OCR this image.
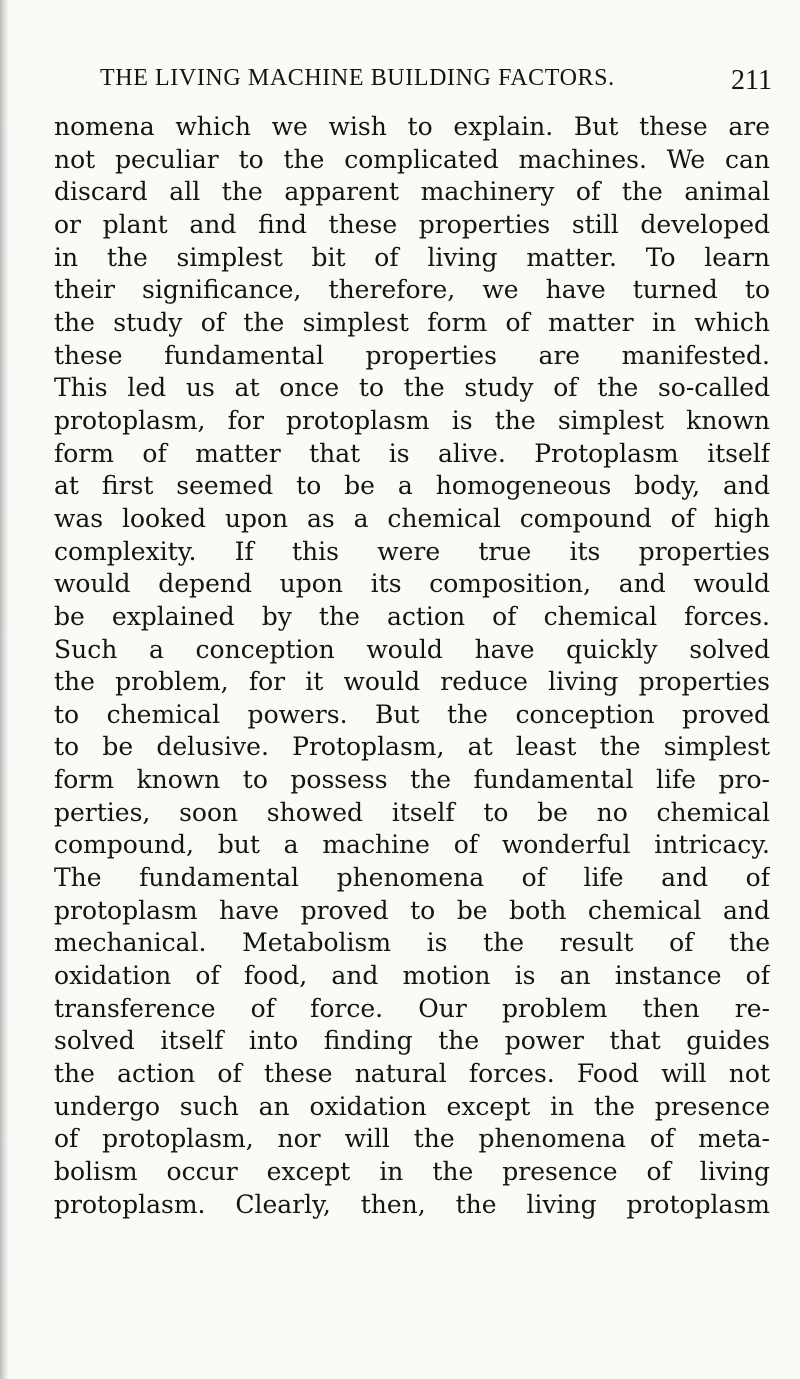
THE LIVING MACHINE BUILDING FACTORS.	211
nomena which we wish to explain. But these are
not peculiar to the complicated machines. We can
discard all the apparent machinery of the animal
or plant and find these properties still developed
in the simplest bit of living matter. To learn
their significance, therefore, we have turned to
the study of the simplest form of matter in which
these fundamental properties are manifested.
This led us at once to the study of the so-called
protoplasm, for protoplasm is the simplest known
form of matter that is alive. Protoplasm itself
at first seemed to be a homogeneous body, and
was looked upon as a chemical compound of high
complexity. If this were true its properties
would depend upon its composition, and would
be explained by the action of chemical forces.
Such a conception would have quickly solved
the problem, for it would reduce living properties
to chemical powers. But the conception proved
to be delusive. Protoplasm, at least the simplest
form known to possess the fundamental life pro-
perties, soon showed itself to be no chemical
compound, but a machine of wonderful intricacy.
The fundamental phenomena of life and of
protoplasm have proved to be both chemical and
mechanical. Metabolism is the result of the
oxidation of food, and motion is an instance of
transference of force. Our problem then re-
solved itself into finding the power that guides
the action of these natural forces. Food will not
undergo such an oxidation except in the presence
of protoplasm, nor will the phenomena of meta-
bolism occur except in the presence of living
protoplasm. Clearly, then, the living protoplasm
